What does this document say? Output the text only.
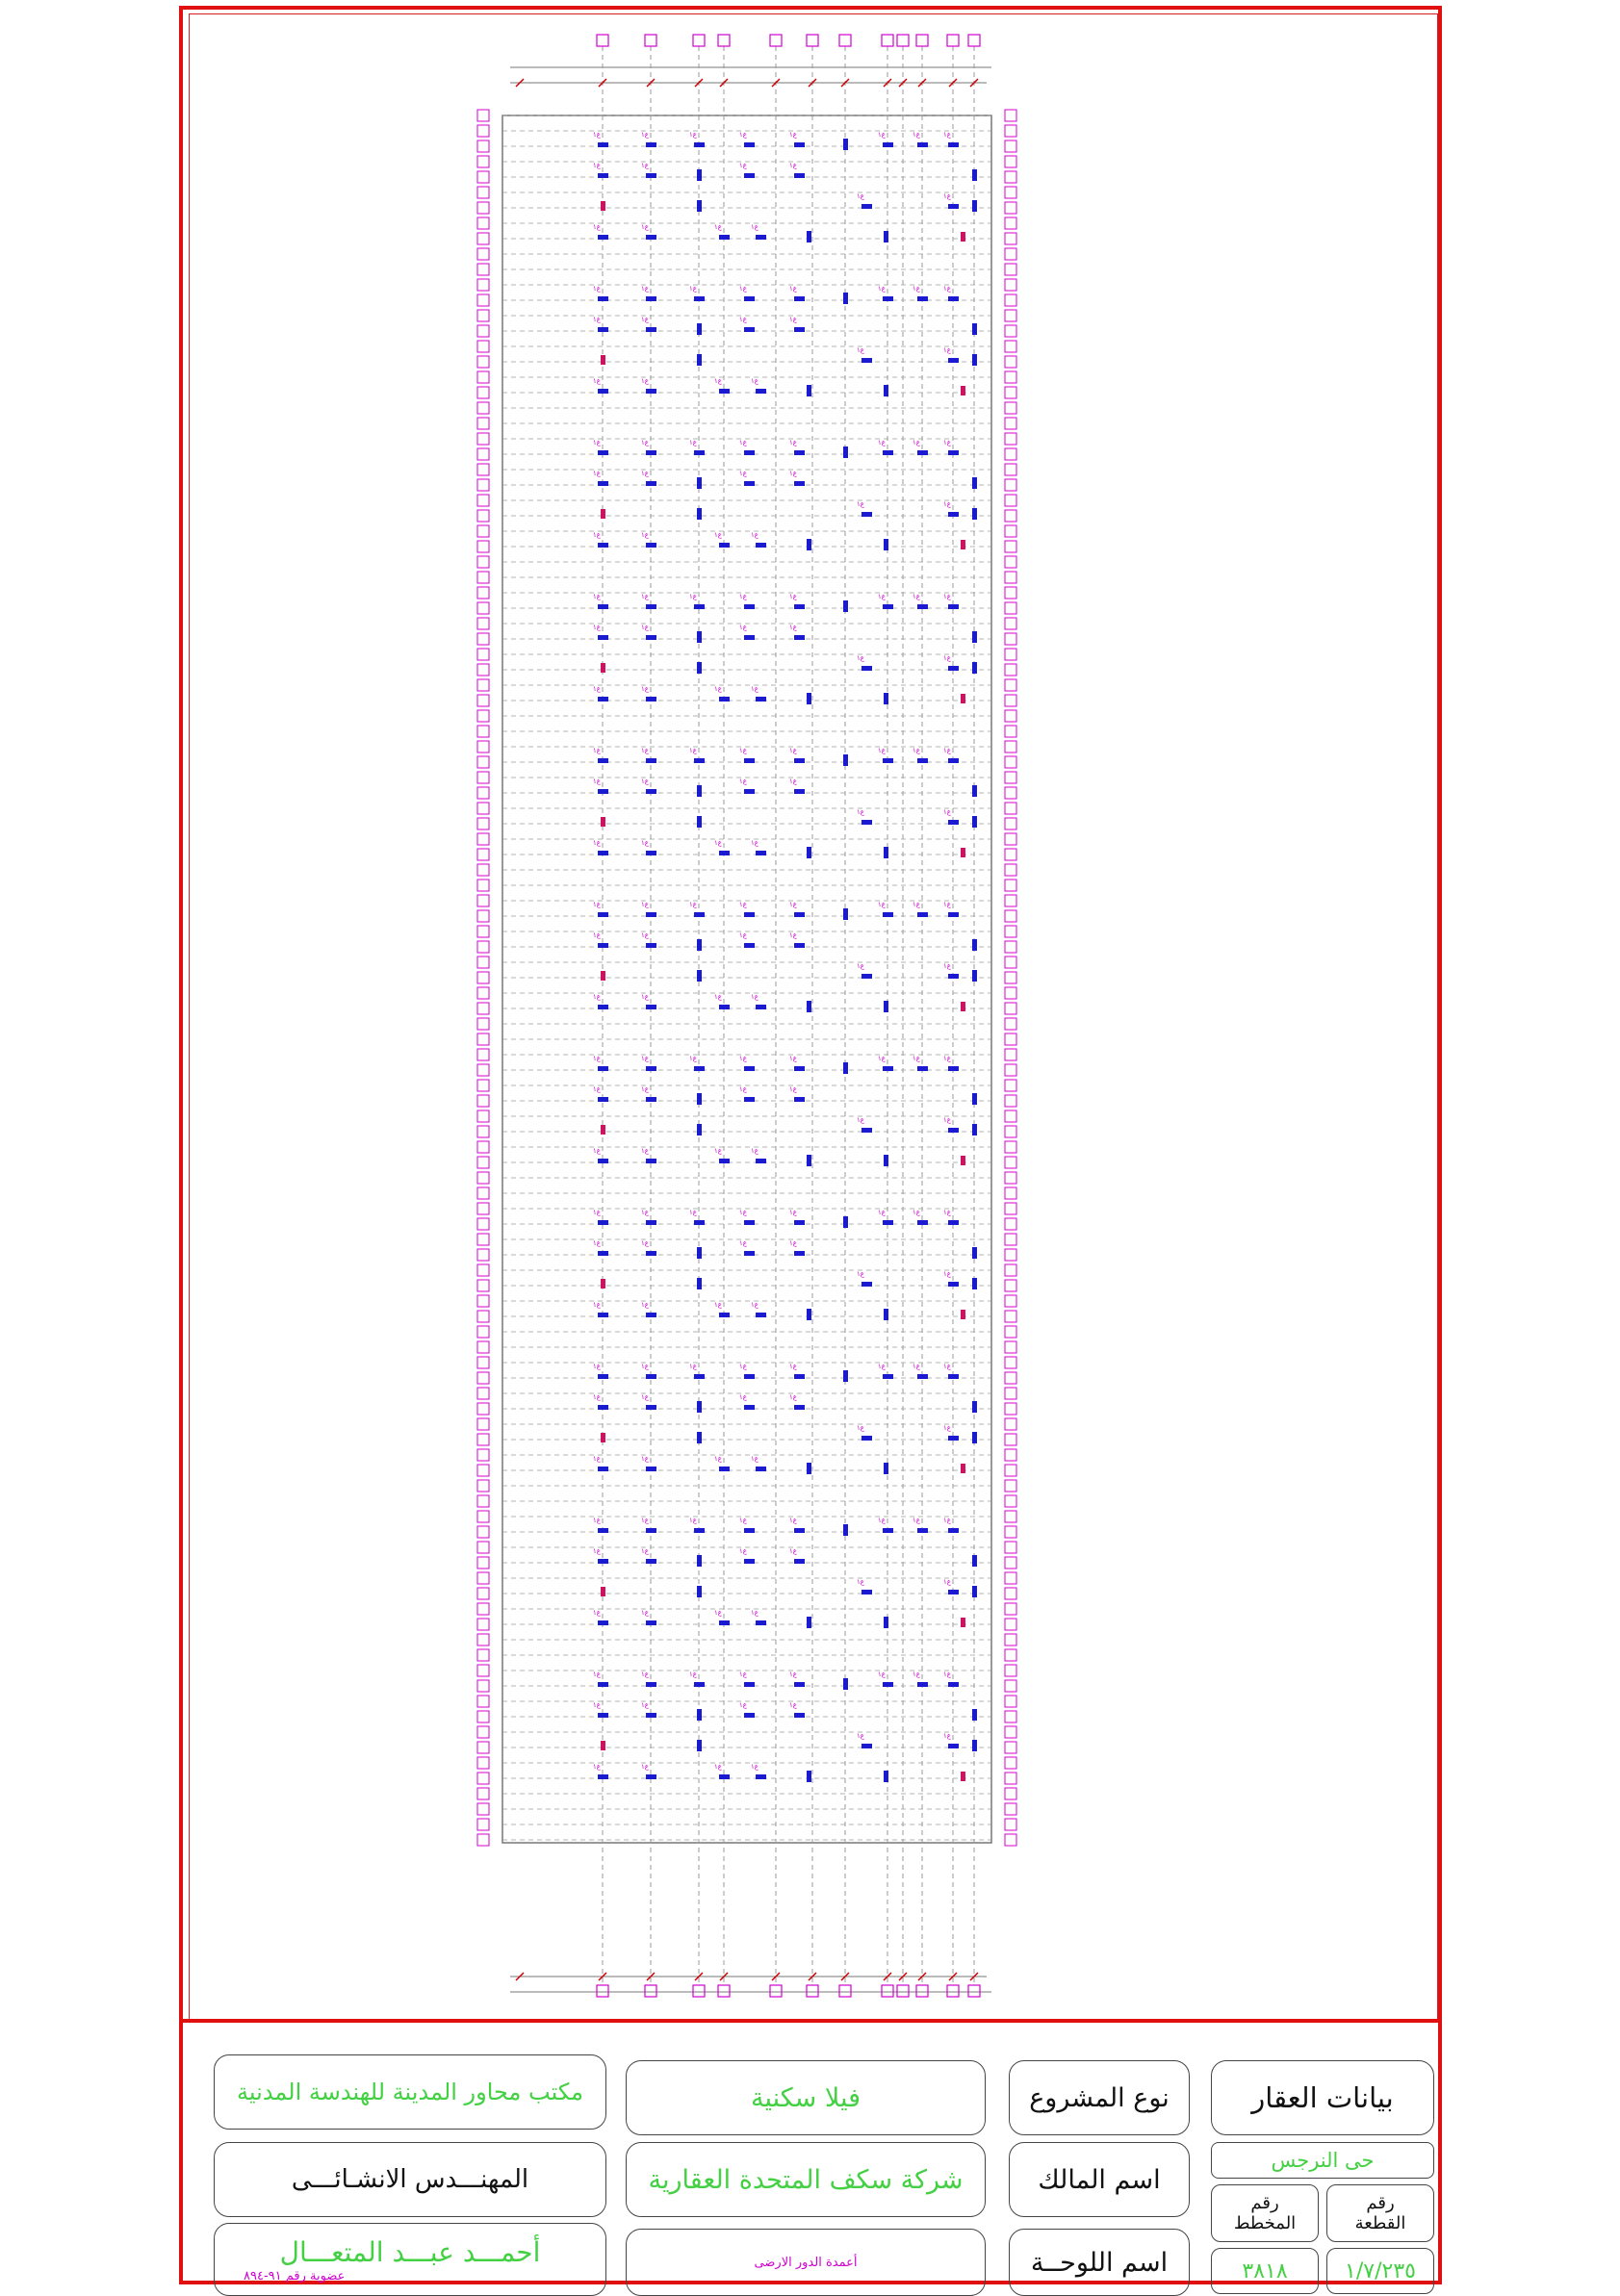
ع۱	ع۱	ع۱	ع۱	ع۱	ع۱	ع۱	ع۱
ع۱	ع۱	ع۱	ع۱
ع۱	ع۱
ع۱	ع۱	ع۱	ع۱
ع۱	ع۱	ع۱	ع۱	ع۱	ع۱	ع۱	ع۱
ع۱	ع۱	ع۱	ع۱
ع۱	ع۱
ع۱	ع۱	ع۱	ع۱
ع۱	ع۱	ع۱	ع۱	ع۱	ع۱	ع۱	ع۱
ع۱	ع۱	ع۱	ع۱
ع۱	ع۱
ع۱	ع۱	ع۱	ع۱
ع۱	ع۱	ع۱	ع۱	ع۱	ع۱	ع۱	ع۱
ع۱	ع۱	ع۱	ع۱
ع۱	ع۱
ع۱	ع۱	ع۱	ع۱
ع۱	ع۱	ع۱	ع۱	ع۱	ع۱	ع۱	ع۱
ع۱	ع۱	ع۱	ع۱
ع۱	ع۱
ع۱	ع۱	ع۱	ع۱
ع۱	ع۱	ع۱	ع۱	ع۱	ع۱	ع۱	ع۱
ع۱	ع۱	ع۱	ع۱
ع۱	ع۱
ع۱	ع۱	ع۱	ع۱
ع۱	ع۱	ع۱	ع۱	ع۱	ع۱	ع۱	ع۱
ع۱	ع۱	ع۱	ع۱
ع۱	ع۱
ع۱	ع۱	ع۱	ع۱
ع۱	ع۱	ع۱	ع۱	ع۱	ع۱	ع۱	ع۱
ع۱	ع۱	ع۱	ع۱
ع۱	ع۱
ع۱	ع۱	ع۱	ع۱
ع۱	ع۱	ع۱	ع۱	ع۱	ع۱	ع۱	ع۱
ع۱	ع۱	ع۱	ع۱
ع۱	ع۱
ع۱	ع۱	ع۱	ع۱
ع۱	ع۱	ع۱	ع۱	ع۱	ع۱	ع۱	ع۱
ع۱	ع۱	ع۱	ع۱
ع۱	ع۱
ع۱	ع۱	ع۱	ع۱
ع۱	ع۱	ع۱	ع۱	ع۱	ع۱	ع۱	ع۱
ع۱	ع۱	ع۱	ع۱
ع۱	ع۱
ع۱	ع۱	ع۱	ع۱
مكتب محاور المدينة للهندسة المدنية
المهنـــدس الانشـائـــى
أحمـــد عبـــد المتعـــال
عضوية رقم ۹۱-۸۹٤
فيلا سكنية
شركة سكف المتحدة العقارية
أعمدة الدور الارضى
نوع المشروع
اسم المالك
اسم اللوحــة
بيانات العقار
حى النرجس
رقم المخطط
رقم القطعة
۳۸۱۸	۱/۷/۲۳٥
